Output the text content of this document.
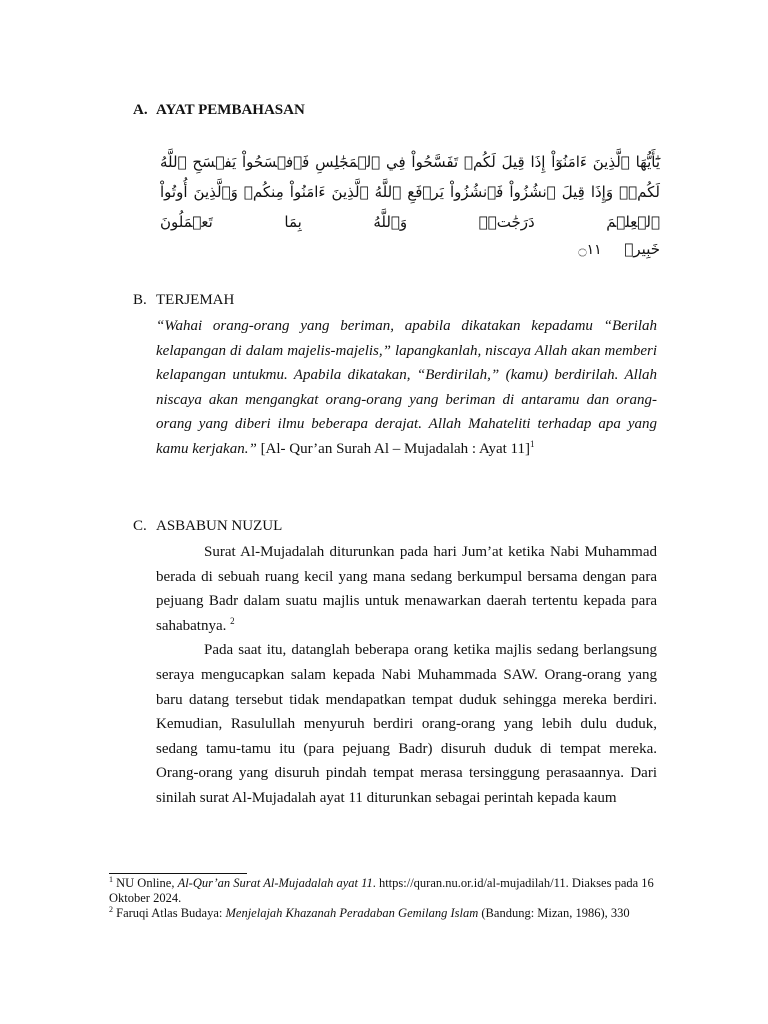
A. AYAT PEMBAHASAN
يَٰٓأَيُّهَا ٱلَّذِينَ ءَامَنُوٓاْ إِذَا قِيلَ لَكُمۡ تَفَسَّحُواْ فِي ٱلۡمَجَٰلِسِ فَٱفۡسَحُواْ يَفۡسَحِ ٱللَّهُ لَكُمۡۖ وَإِذَا قِيلَ ٱنشُزُواْ فَٱنشُزُواْ يَرۡفَعِ ٱللَّهُ ٱلَّذِينَ ءَامَنُواْ مِنكُمۡ وَٱلَّذِينَ أُوتُواْ ٱلۡعِلۡمَ دَرَجَٰتٖۚ وَٱللَّهُ بِمَا تَعۡمَلُونَ
خَبِيرٞ ۝١١
B. TERJEMAH
“Wahai orang-orang yang beriman, apabila dikatakan kepadamu “Berilah kelapangan di dalam majelis-majelis,” lapangkanlah, niscaya Allah akan memberi kelapangan untukmu. Apabila dikatakan, “Berdirilah,” (kamu) berdirilah. Allah niscaya akan mengangkat orang-orang yang beriman di antaramu dan orang-orang yang diberi ilmu beberapa derajat. Allah Mahateliti terhadap apa yang kamu kerjakan.” [Al- Qur’an Surah Al – Mujadalah : Ayat 11]$^1$
C. ASBABUN NUZUL
Surat Al-Mujadalah diturunkan pada hari Jum’at ketika Nabi Muhammad berada di sebuah ruang kecil yang mana sedang berkumpul bersama dengan para pejuang Badr dalam suatu majlis untuk menawarkan daerah tertentu kepada para sahabatnya. $^2$
Pada saat itu, datanglah beberapa orang ketika majlis sedang berlangsung seraya mengucapkan salam kepada Nabi Muhammada SAW. Orang-orang yang baru datang tersebut tidak mendapatkan tempat duduk sehingga mereka berdiri. Kemudian, Rasulullah menyuruh berdiri orang-orang yang lebih dulu duduk, sedang tamu-tamu itu (para pejuang Badr) disuruh duduk di tempat mereka. Orang-orang yang disuruh pindah tempat merasa tersinggung perasaannya. Dari sinilah surat Al-Mujadalah ayat 11 diturunkan sebagai perintah kepada kaum

$^1$ NU Online, Al-Qur’an Surat Al-Mujadalah ayat 11. https://quran.nu.or.id/al-mujadilah/11. Diakses pada 16 Oktober 2024.

$^2$ Faruqi Atlas Budaya: Menjelajah Khazanah Peradaban Gemilang Islam (Bandung: Mizan, 1986), 330
